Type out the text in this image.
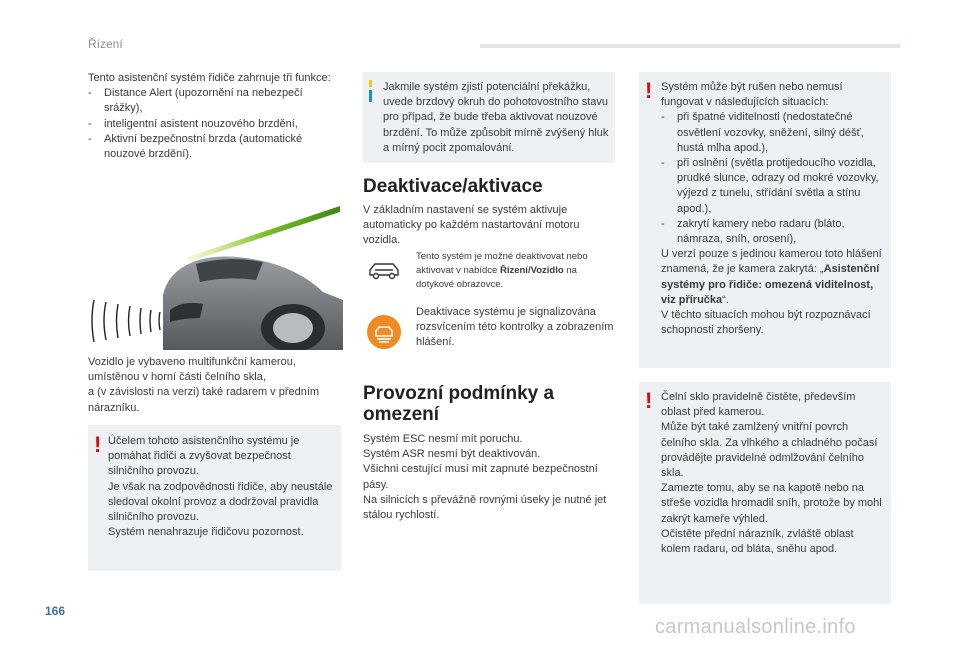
Řízení

Tento asistenční systém řidiče zahrnuje tři funkce:

- Distance Alert (upozornění na nebezpečí srážky),
- inteligentní asistent nouzového brzdění,
- Aktivní bezpečnostní brzda (automatické nouzové brzdění).

Vozidlo je vybaveno multifunkční kamerou,

umístěnou v horní části čelního skla,

a (v závislosti na verzi) také radarem v předním nárazníku.

! Účelem tohoto asistenčního systému je pomáhat řidiči a zvyšovat bezpečnost silničního provozu.
Je však na zodpovědnosti řidiče, aby neustále sledoval okolní provoz a dodržoval pravidla silničního provozu.
Systém nenahrazuje řidičovu pozornost.

Jakmile systém zjistí potenciální překážku, uvede brzdový okruh do pohotovostního stavu pro případ, že bude třeba aktivovat nouzové brzdění. To může způsobit mírně zvýšený hluk a mírný pocit zpomalování.

Deaktivace/aktivace

V základním nastavení se systém aktivuje automaticky po každém nastartování motoru vozidla.

Tento systém je možné deaktivovat nebo aktivovat v nabídce Řízení/Vozidlo na dotykové obrazovce.

Deaktivace systému je signalizována rozsvícením této kontrolky a zobrazením hlášení.

Provozní podmínky a omezení

Systém ESC nesmí mít poruchu.
Systém ASR nesmí být deaktivován.
Všichni cestující musí mít zapnuté bezpečnostní pásy.
Na silnicích s převážně rovnými úseky je nutné jet stálou rychlostí.

! Systém může být rušen nebo nemusí fungovat v následujících situacích:

- při špatné viditelnosti (nedostatečné osvětlení vozovky, sněžení, silný déšť, hustá mlha apod.),
- při oslnění (světla protijedoucího vozidla, prudké slunce, odrazy od mokré vozovky, výjezd z tunelu, střídání světla a stínu apod.),
- zakrytí kamery nebo radaru (bláto, námraza, sníh, orosení),

U verzí pouze s jedinou kamerou toto hlášení znamená, že je kamera zakrytá: „Asistenční systémy pro řidiče: omezená viditelnost, viz příručka“.

V těchto situacích mohou být rozpoznávací schopnosti zhoršeny.

! Čelní sklo pravidelně čistěte, především oblast před kamerou.
Může být také zamlžený vnitřní povrch čelního skla. Za vlhkého a chladného počasí provádějte pravidelné odmlžování čelního skla.
Zamezte tomu, aby se na kapotě nebo na střeše vozidla hromadil sníh, protože by mohl zakrýt kameře výhled.
Očistěte přední nárazník, zvláště oblast kolem radaru, od bláta, sněhu apod.

166
carmanualsonline.info
